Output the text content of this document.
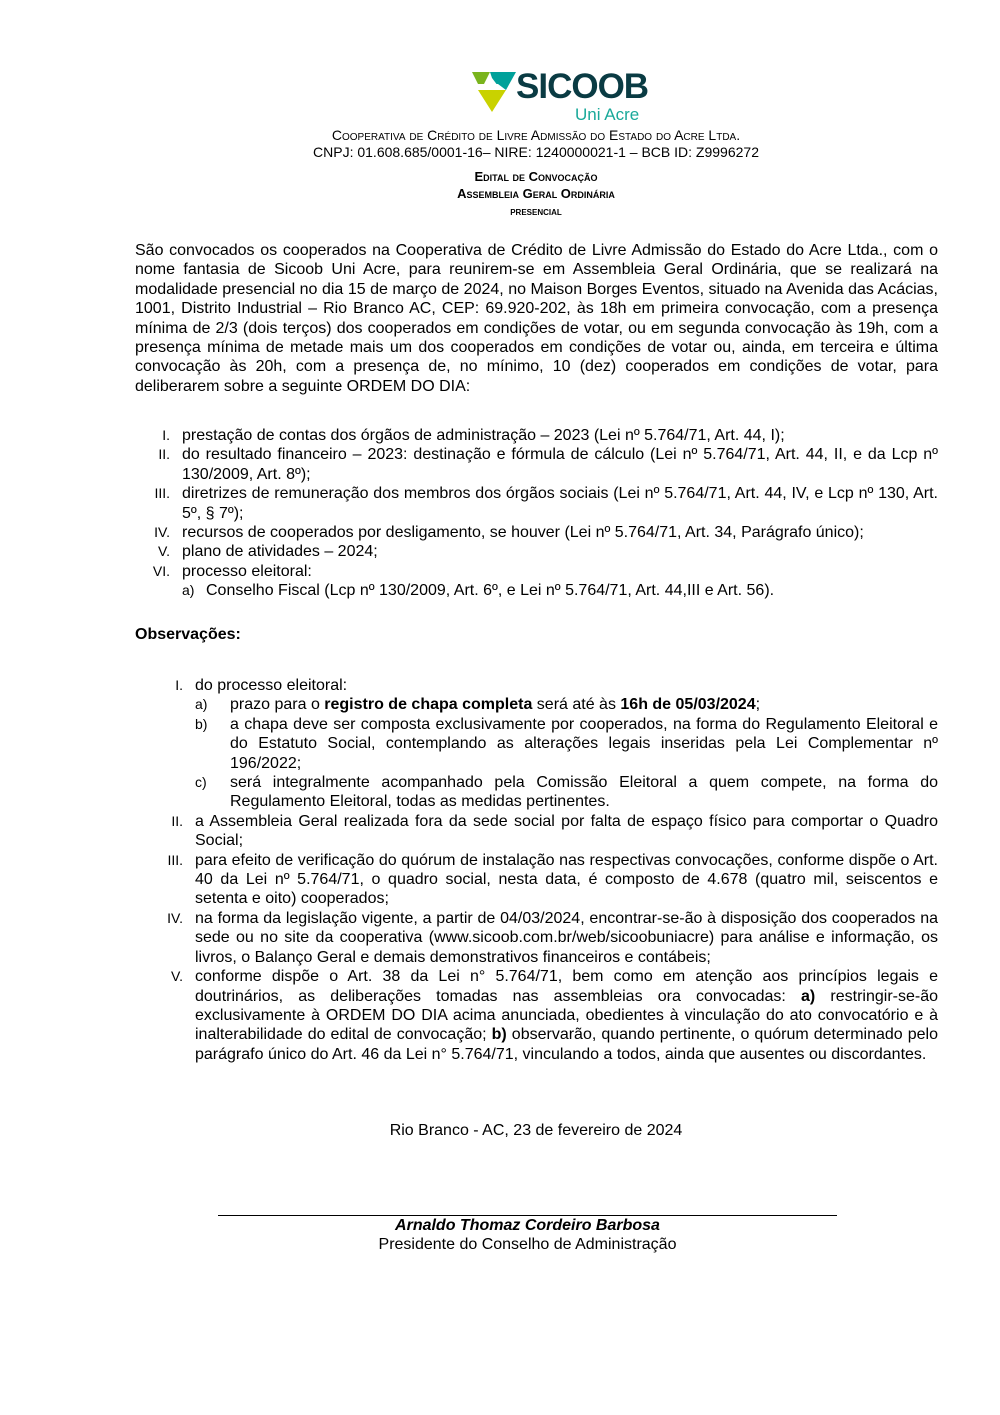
SICOOB
Uni Acre
Cooperativa de Crédito de Livre Admissão do Estado do Acre Ltda.
CNPJ: 01.608.685/0001-16– NIRE: 1240000021-1 – BCB ID: Z9996272
Edital de Convocação
Assembleia Geral Ordinária
presencial
São convocados os cooperados na Cooperativa de Crédito de Livre Admissão do Estado do Acre Ltda., com o nome fantasia de Sicoob Uni Acre, para reunirem-se em Assembleia Geral Ordinária, que se realizará na modalidade presencial no dia 15 de março de 2024, no Maison Borges Eventos, situado na Avenida das Acácias, 1001, Distrito Industrial – Rio Branco AC, CEP: 69.920-202, às 18h em primeira convocação, com a presença mínima de 2/3 (dois terços) dos cooperados em condições de votar, ou em segunda convocação às 19h, com a presença mínima de metade mais um dos cooperados em condições de votar ou, ainda, em terceira e última convocação às 20h, com a presença de, no mínimo, 10 (dez) cooperados em condições de votar, para deliberarem sobre a seguinte ORDEM DO DIA:
I. prestação de contas dos órgãos de administração – 2023 (Lei nº 5.764/71, Art. 44, I);
II. do resultado financeiro – 2023: destinação e fórmula de cálculo (Lei nº 5.764/71, Art. 44, II, e da Lcp nº 130/2009, Art. 8º);
III. diretrizes de remuneração dos membros dos órgãos sociais (Lei nº 5.764/71, Art. 44, IV, e Lcp nº 130, Art. 5º, § 7º);
IV. recursos de cooperados por desligamento, se houver (Lei nº 5.764/71, Art. 34, Parágrafo único);
V. plano de atividades – 2024;
VI. processo eleitoral:
a) Conselho Fiscal (Lcp nº 130/2009, Art. 6º, e Lei nº 5.764/71, Art. 44,III e Art. 56).
Observações:
I. do processo eleitoral:
a)	prazo para o registro de chapa completa será até às 16h de 05/03/2024;
b)	a chapa deve ser composta exclusivamente por cooperados, na forma do Regulamento Eleitoral e do Estatuto Social, contemplando as alterações legais inseridas pela Lei Complementar nº 196/2022;
c)	será integralmente acompanhado pela Comissão Eleitoral a quem compete, na forma do Regulamento Eleitoral, todas as medidas pertinentes.
II. a Assembleia Geral realizada fora da sede social por falta de espaço físico para comportar o Quadro Social;
III. para efeito de verificação do quórum de instalação nas respectivas convocações, conforme dispõe o Art. 40 da Lei nº 5.764/71, o quadro social, nesta data, é composto de 4.678 (quatro mil, seiscentos e setenta e oito) cooperados;
IV. na forma da legislação vigente, a partir de 04/03/2024, encontrar-se-ão à disposição dos cooperados na sede ou no site da cooperativa (www.sicoob.com.br/web/sicoobuniacre) para análise e informação, os livros, o Balanço Geral e demais demonstrativos financeiros e contábeis;
V. conforme dispõe o Art. 38 da Lei n° 5.764/71, bem como em atenção aos princípios legais e doutrinários, as deliberações tomadas nas assembleias ora convocadas: a) restringir-se-ão exclusivamente à ORDEM DO DIA acima anunciada, obedientes à vinculação do ato convocatório e à inalterabilidade do edital de convocação; b) observarão, quando pertinente, o quórum determinado pelo parágrafo único do Art. 46 da Lei n° 5.764/71, vinculando a todos, ainda que ausentes ou discordantes.
Rio Branco - AC, 23 de fevereiro de 2024
Arnaldo Thomaz Cordeiro Barbosa
Presidente do Conselho de Administração
